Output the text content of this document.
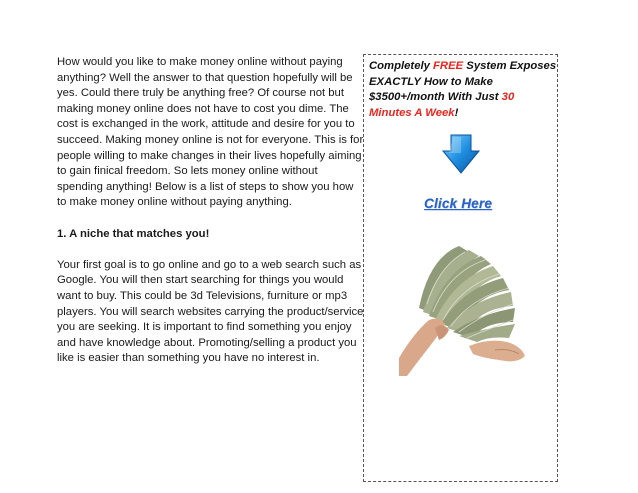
How would you like to make money online without paying anything? Well the answer to that question hopefully will be yes. Could there truly be anything free? Of course not but making money online does not have to cost you dime. The cost is exchanged in the work, attitude and desire for you to succeed. Making money online is not for everyone. This is for people willing to make changes in their lives hopefully aiming to gain finical freedom. So lets money online without spending anything! Below is a list of steps to show you how to make money online without paying anything.

1. A niche that matches you!

Your first goal is to go online and go to a web search such as Google. You will then start searching for things you would want to buy. This could be 3d Televisions, furniture or mp3 players. You will search websites carrying the product/service you are seeking. It is important to find something you enjoy and have knowledge about. Promoting/selling a product you like is easier than something you have no interest in.

Completely FREE System Exposes EXACTLY How to Make $3500+/month With Just 30 Minutes A Week!
Click Here
